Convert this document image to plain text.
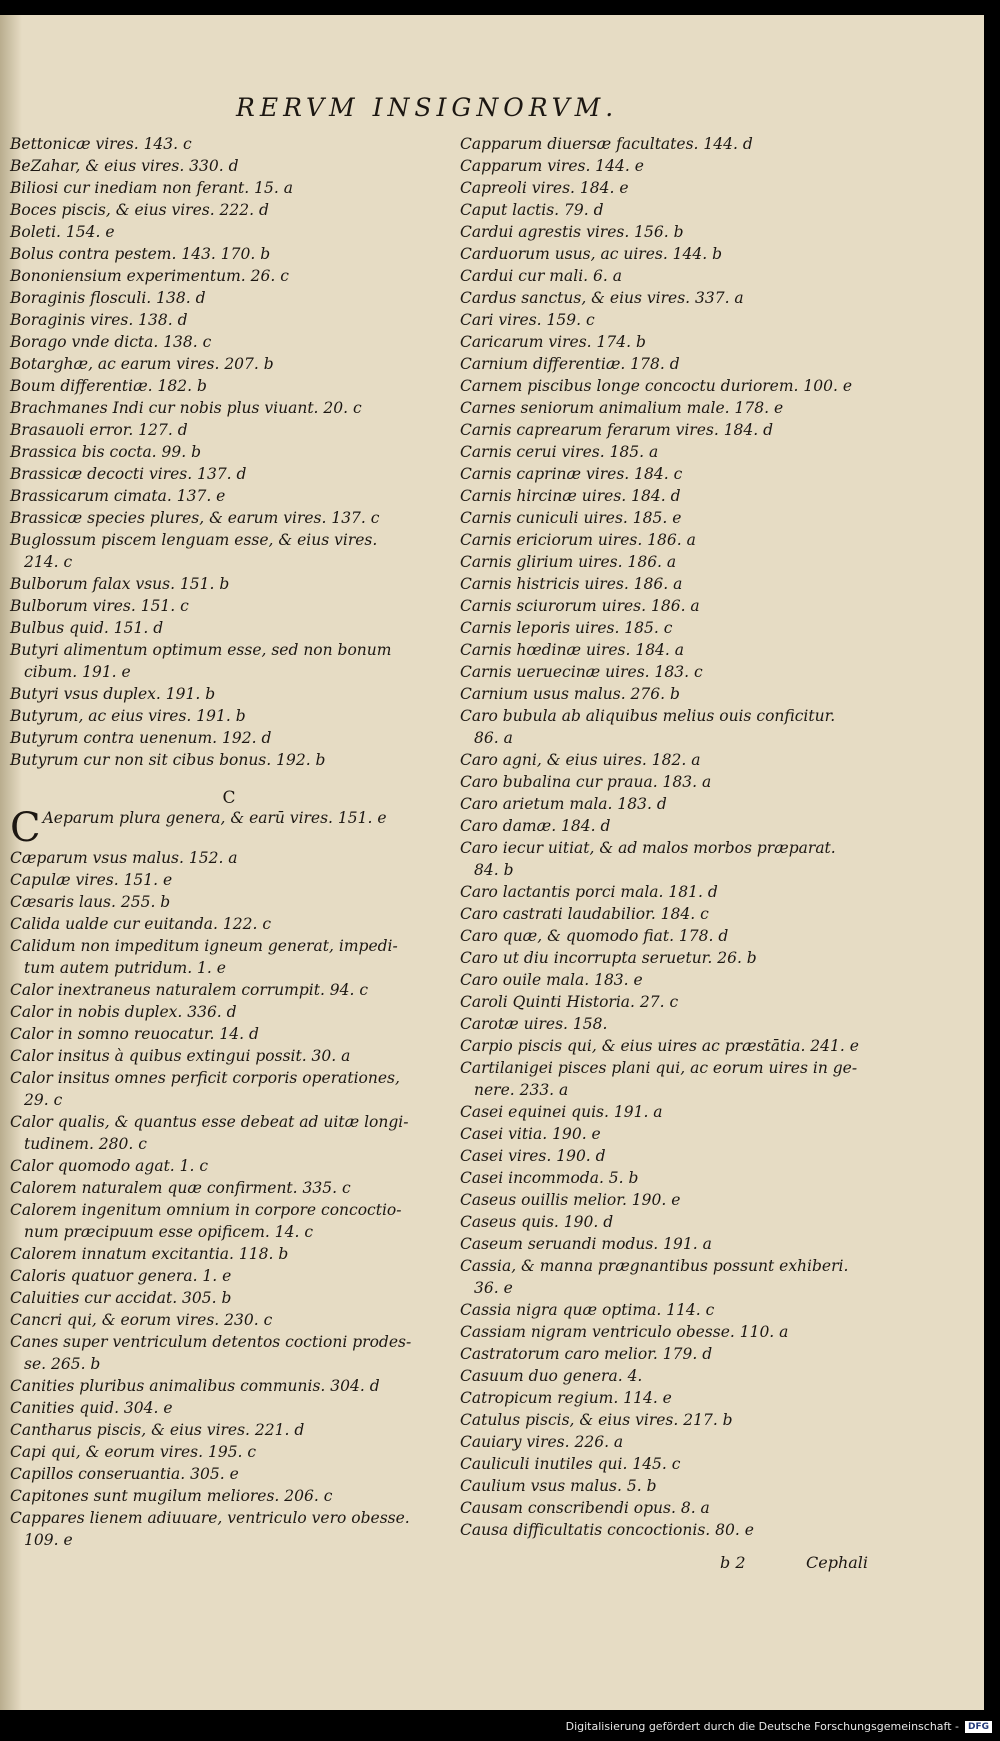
RERVM INSIGNORVM.
Bettonicæ vires. 143. c
BeZahar, & eius vires. 330. d
Biliosi cur inediam non ferant. 15. a
Boces piscis, & eius vires. 222. d
Boleti. 154. e
Bolus contra pestem. 143. 170. b
Bononiensium experimentum. 26. c
Boraginis flosculi. 138. d
Boraginis vires. 138. d
Borago vnde dicta. 138. c
Botarghæ, ac earum vires. 207. b
Boum differentiæ. 182. b
Brachmanes Indi cur nobis plus viuant. 20. c
Brasauoli error. 127. d
Brassica bis cocta. 99. b
Brassicæ decocti vires. 137. d
Brassicarum cimata. 137. e
Brassicæ species plures, & earum vires. 137. c
Buglossum piscem lenguam esse, & eius vires.
214. c
Bulborum falax vsus. 151. b
Bulborum vires. 151. c
Bulbus quid. 151. d
Butyri alimentum optimum esse, sed non bonum
cibum. 191. e
Butyri vsus duplex. 191. b
Butyrum, ac eius vires. 191. b
Butyrum contra uenenum. 192. d
Butyrum cur non sit cibus bonus. 192. b
C
C Aeparum plura genera, & earū vires. 151. e
Cæparum vsus malus. 152. a
Capulæ vires. 151. e
Cæsaris laus. 255. b
Calida ualde cur euitanda. 122. c
Calidum non impeditum igneum generat, impedi-
tum autem putridum. 1. e
Calor inextraneus naturalem corrumpit. 94. c
Calor in nobis duplex. 336. d
Calor in somno reuocatur. 14. d
Calor insitus à quibus extingui possit. 30. a
Calor insitus omnes perficit corporis operationes,
29. c
Calor qualis, & quantus esse debeat ad uitæ longi-
tudinem. 280. c
Calor quomodo agat. 1. c
Calorem naturalem quæ confirment. 335. c
Calorem ingenitum omnium in corpore concoctio-
num præcipuum esse opificem. 14. c
Calorem innatum excitantia. 118. b
Caloris quatuor genera. 1. e
Caluities cur accidat. 305. b
Cancri qui, & eorum vires. 230. c
Canes super ventriculum detentos coctioni prodes-
se. 265. b
Canities pluribus animalibus communis. 304. d
Canities quid. 304. e
Cantharus piscis, & eius vires. 221. d
Capi qui, & eorum vires. 195. c
Capillos conseruantia. 305. e
Capitones sunt mugilum meliores. 206. c
Cappares lienem adiuuare, ventriculo vero obesse.
109. e
Capparum diuersæ facultates. 144. d
Capparum vires. 144. e
Capreoli vires. 184. e
Caput lactis. 79. d
Cardui agrestis vires. 156. b
Carduorum usus, ac uires. 144. b
Cardui cur mali. 6. a
Cardus sanctus, & eius vires. 337. a
Cari vires. 159. c
Caricarum vires. 174. b
Carnium differentiæ. 178. d
Carnem piscibus longe concoctu duriorem. 100. e
Carnes seniorum animalium male. 178. e
Carnis caprearum ferarum vires. 184. d
Carnis cerui vires. 185. a
Carnis caprinæ vires. 184. c
Carnis hircinæ uires. 184. d
Carnis cuniculi uires. 185. e
Carnis ericiorum uires. 186. a
Carnis glirium uires. 186. a
Carnis histricis uires. 186. a
Carnis sciurorum uires. 186. a
Carnis leporis uires. 185. c
Carnis hœdinæ uires. 184. a
Carnis ueruecinæ uires. 183. c
Carnium usus malus. 276. b
Caro bubula ab aliquibus melius ouis conficitur.
86. a
Caro agni, & eius uires. 182. a
Caro bubalina cur praua. 183. a
Caro arietum mala. 183. d
Caro damæ. 184. d
Caro iecur uitiat, & ad malos morbos præparat.
84. b
Caro lactantis porci mala. 181. d
Caro castrati laudabilior. 184. c
Caro quæ, & quomodo fiat. 178. d
Caro ut diu incorrupta seruetur. 26. b
Caro ouile mala. 183. e
Caroli Quinti Historia. 27. c
Carotæ uires. 158.
Carpio piscis qui, & eius uires ac præstātia. 241. e
Cartilanigei pisces plani qui, ac eorum uires in ge-
nere. 233. a
Casei equinei quis. 191. a
Casei vitia. 190. e
Casei vires. 190. d
Casei incommoda. 5. b
Caseus ouillis melior. 190. e
Caseus quis. 190. d
Caseum seruandi modus. 191. a
Cassia, & manna prægnantibus possunt exhiberi.
36. e
Cassia nigra quæ optima. 114. c
Cassiam nigram ventriculo obesse. 110. a
Castratorum caro melior. 179. d
Casuum duo genera. 4.
Catropicum regium. 114. e
Catulus piscis, & eius vires. 217. b
Cauiary vires. 226. a
Cauliculi inutiles qui. 145. c
Caulium vsus malus. 5. b
Causam conscribendi opus. 8. a
Causa difficultatis concoctionis. 80. e
b 2	Cephali
Digitalisierung gefördert durch die Deutsche Forschungsgemeinschaft -	DFG
